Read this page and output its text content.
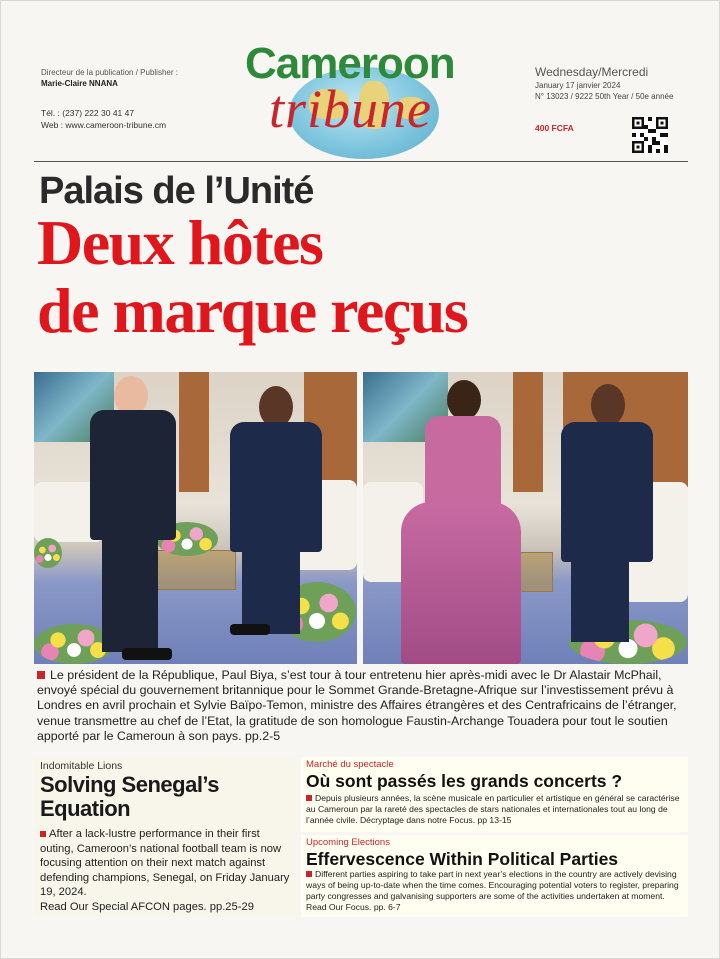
Directeur de la publication / Publisher :
Marie-Claire NNANA
Tél. : (237) 222 30 41 47
Web : www.cameroon-tribune.cm
Cameroon
tribune
Wednesday/Mercredi
January 17 janvier 2024
N° 13023 / 9222 50th Year / 50e année
400 FCFA
Palais de l’Unité
Deux hôtes
de marque reçus
Le président de la République, Paul Biya, s’est tour à tour entretenu hier après-midi avec le Dr Alastair McPhail, envoyé spécial du gouvernement britannique pour le Sommet Grande-Bretagne-Afrique sur l’investissement prévu à Londres en avril prochain et Sylvie Baïpo-Temon, ministre des Affaires étrangères et des Centrafricains de l’étranger, venue transmettre au chef de l’Etat, la gratitude de son homologue Faustin-Archange Touadera pour tout le soutien apporté par le Cameroun à son pays. pp.2-5
Indomitable Lions
Solving Senegal’s Equation
After a lack-lustre performance in their first outing, Cameroon’s national football team is now focusing attention on their next match against defending champions, Senegal, on Friday January 19, 2024.
Read Our Special AFCON pages. pp.25-29
Marché du spectacle
Où sont passés les grands concerts ?
Depuis plusieurs années, la scène musicale en particulier et artistique en général se caractérise au Cameroun par la rareté des spectacles de stars nationales et internationales tout au long de l’année civile. Décryptage dans notre Focus. pp 13-15
Upcoming Elections
Effervescence Within Political Parties
Different parties aspiring to take part in next year’s elections in the country are actively devising ways of being up-to-date when the time comes. Encouraging potential voters to register, preparing party congresses and galvanising supporters are some of the activities undertaken at moment. Read Our Focus. pp. 6-7
